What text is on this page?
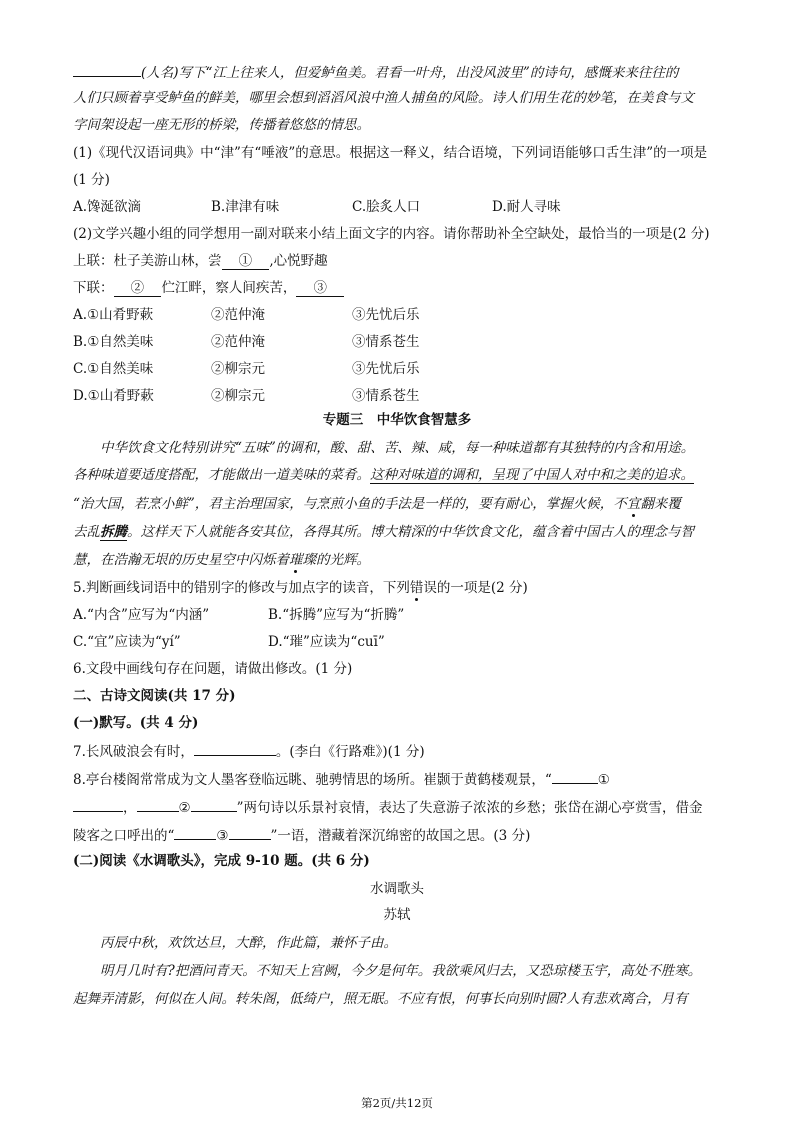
(人名)写下“江上往来人，但爱鲈鱼美。君看一叶舟，出没风波里”的诗句，感慨来来往往的
人们只顾着享受鲈鱼的鲜美，哪里会想到滔滔风浪中渔人捕鱼的风险。诗人们用生花的妙笔，在美食与文
字间架设起一座无形的桥梁，传播着悠悠的情思。
(1)《现代汉语词典》中“津”有“唾液”的意思。根据这一释义，结合语境，下列词语能够口舌生津”的一项是
(1 分)
A.馋涎欲滴	B.津津有味	C.脍炙人口	D.耐人寻味
(2)文学兴趣小组的同学想用一副对联来小结上面文字的内容。请你帮助补全空缺处，最恰当的一项是(2 分)
上联：杜子美游山林，尝 ① ,心悦野趣
下联： ② 伫江畔，察人间疾苦， ③
A.①山肴野蔌	②范仲淹	③先忧后乐
B.①自然美味	②范仲淹	③情系苍生
C.①自然美味	②柳宗元	③先忧后乐
D.①山肴野蔌	②柳宗元	③情系苍生
专题三　中华饮食智慧多
中华饮食文化特别讲究“五味”的调和，酸、甜、苦、辣、咸，每一种味道都有其独特的内含和用途。
各种味道要适度搭配，才能做出一道美味的菜肴。这种对味道的调和，呈现了中国人对中和之美的追求。
“治大国，若烹小鲜”，君主治理国家，与烹煎小鱼的手法是一样的，要有耐心，掌握火候，不宜翻来覆
去乱拆腾。这样天下人就能各安其位，各得其所。博大精深的中华饮食文化，蕴含着中国古人的理念与智
慧，在浩瀚无垠的历史星空中闪烁着璀璨的光辉。
5.判断画线词语中的错别字的修改与加点字的读音，下列错误的一项是(2 分)
A.“内含”应写为“内涵”	B.“拆腾”应写为“折腾”
C.“宜”应读为“yí”	D.“璀”应读为“cuī”
6.文段中画线句存在问题，请做出修改。(1 分)
二、古诗文阅读(共 17 分)
(一)默写。(共 4 分)
7.长风破浪会有时，	。(李白《行路难》)(1 分)
8.亭台楼阁常常成为文人墨客登临远眺、驰骋情思的场所。崔颢于黄鹤楼观景，“	①
，	②	”两句诗以乐景衬哀情，表达了失意游子浓浓的乡愁；张岱在湖心亭赏雪，借金
陵客之口呼出的“	③	”一语，潜藏着深沉绵密的故国之思。(3 分)
(二)阅读《水调歌头》，完成 9-10 题。(共 6 分)
水调歌头
苏轼
丙辰中秋，欢饮达旦，大醉，作此篇，兼怀子由。
明月几时有?把酒问青天。不知天上宫阙，今夕是何年。我欲乘风归去，又恐琼楼玉宇，高处不胜寒。
起舞弄清影，何似在人间。转朱阁，低绮户，照无眠。不应有恨，何事长向别时圆?人有悲欢离合，月有
第2页/共12页
